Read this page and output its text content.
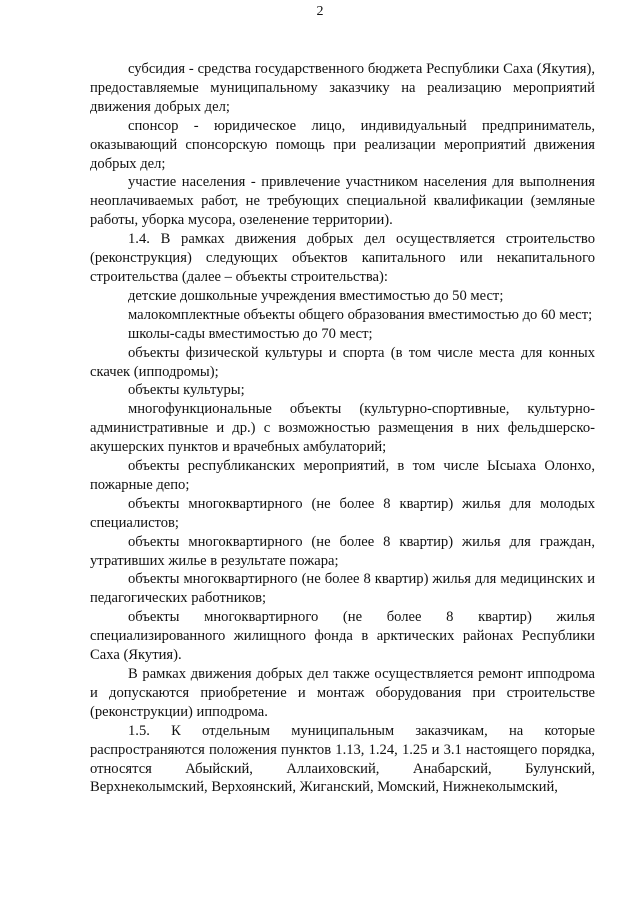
2

субсидия - средства государственного бюджета Республики Саха (Якутия), предоставляемые муниципальному заказчику на реализацию мероприятий движения добрых дел;

спонсор - юридическое лицо, индивидуальный предприниматель, оказывающий спонсорскую помощь при реализации мероприятий движения добрых дел;

участие населения - привлечение участником населения для выполнения неоплачиваемых работ, не требующих специальной квалификации (земляные работы, уборка мусора, озеленение территории).

1.4. В рамках движения добрых дел осуществляется строительство (реконструкция) следующих объектов капитального или некапитального строительства (далее – объекты строительства):

детские дошкольные учреждения вместимостью до 50 мест;

малокомплектные объекты общего образования вместимостью до 60 мест;

школы-сады вместимостью до 70 мест;

объекты физической культуры и спорта (в том числе места для конных скачек (ипподромы);

объекты культуры;

многофункциональные объекты (культурно-спортивные, культурно-административные и др.) с возможностью размещения в них фельдшерско-акушерских пунктов и врачебных амбулаторий;

объекты республиканских мероприятий, в том числе Ысыаха Олонхо, пожарные депо;

объекты многоквартирного (не более 8 квартир) жилья для молодых специалистов;

объекты многоквартирного (не более 8 квартир) жилья для граждан, утративших жилье в результате пожара;

объекты многоквартирного (не более 8 квартир) жилья для медицинских и педагогических работников;

объекты многоквартирного (не более 8 квартир) жилья специализированного жилищного фонда в арктических районах Республики Саха (Якутия).

В рамках движения добрых дел также осуществляется ремонт ипподрома и допускаются приобретение и монтаж оборудования при строительстве (реконструкции) ипподрома.

1.5. К отдельным муниципальным заказчикам, на которые распространяются положения пунктов 1.13, 1.24, 1.25 и 3.1 настоящего порядка, относятся Абыйский, Аллаиховский, Анабарский, Булунский, Верхнеколымский, Верхоянский, Жиганский, Момский, Нижнеколымский,
